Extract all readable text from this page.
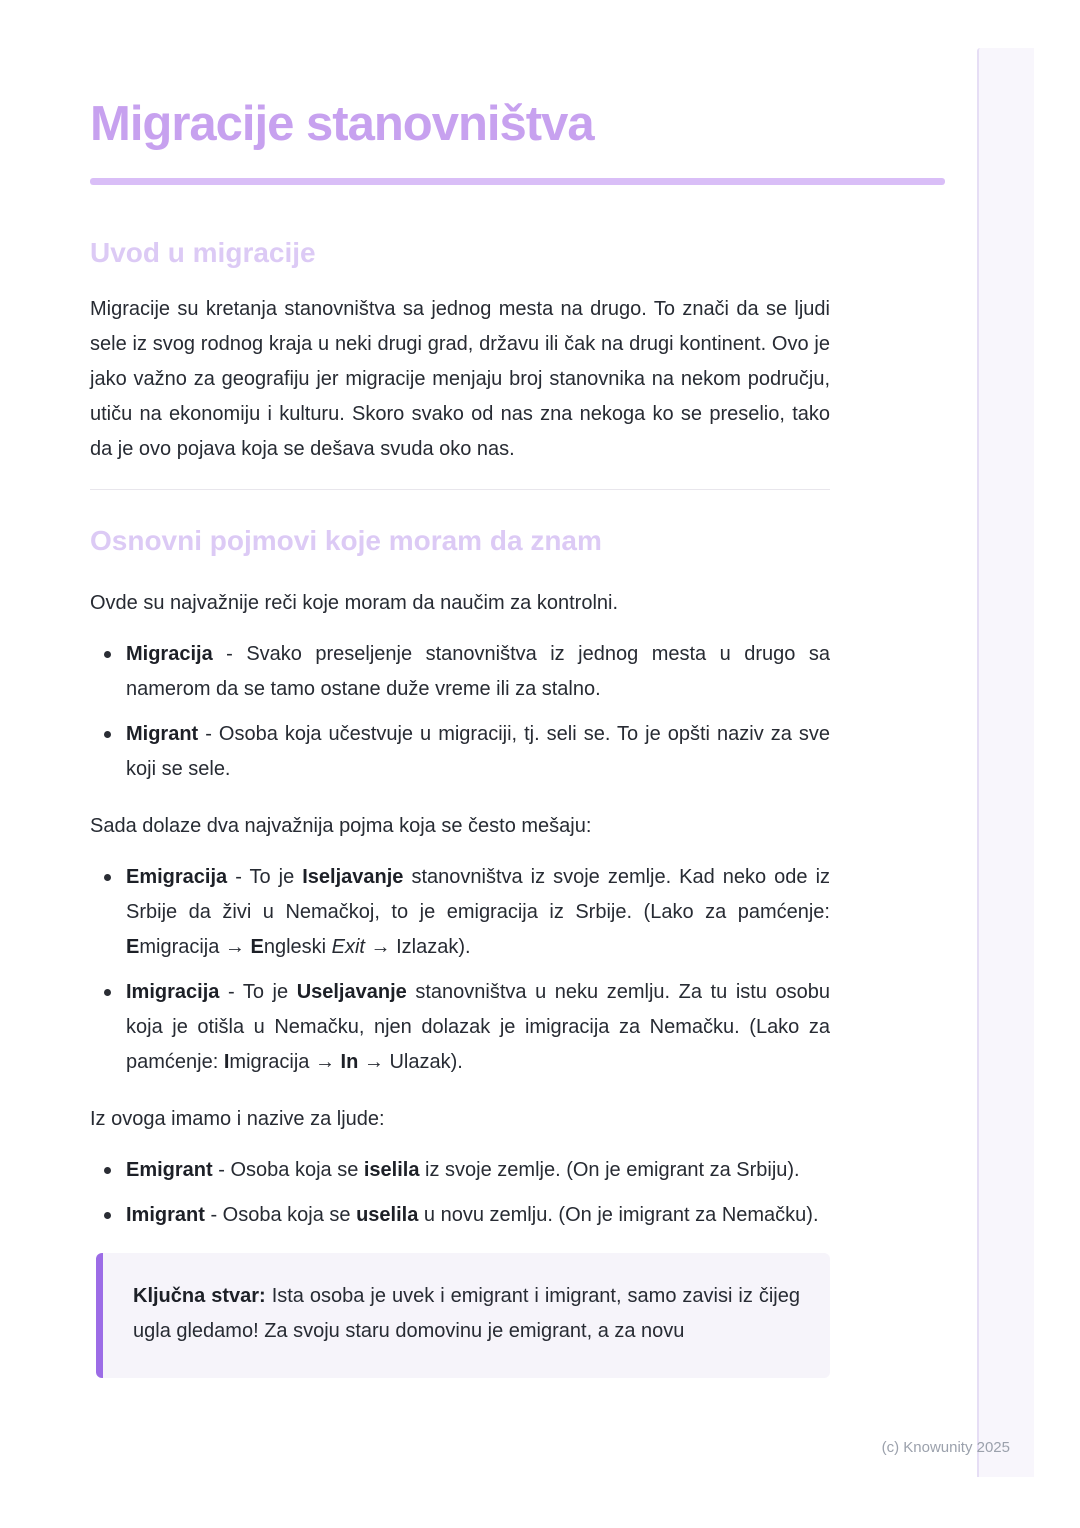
Migracije stanovništva
Uvod u migracije

Migracije su kretanja stanovništva sa jednog mesta na drugo. To znači da se ljudi sele iz svog rodnog kraja u neki drugi grad, državu ili čak na drugi kontinent. Ovo je jako važno za geografiju jer migracije menjaju broj stanovnika na nekom području, utiču na ekonomiju i kulturu. Skoro svako od nas zna nekoga ko se preselio, tako da je ovo pojava koja se dešava svuda oko nas.

Osnovni pojmovi koje moram da znam

Ovde su najvažnije reči koje moram da naučim za kontrolni.

Migracija - Svako preseljenje stanovništva iz jednog mesta u drugo sa namerom da se tamo ostane duže vreme ili za stalno.
Migrant - Osoba koja učestvuje u migraciji, tj. seli se. To je opšti naziv za sve koji se sele.

Sada dolaze dva najvažnija pojma koja se često mešaju:

Emigracija - To je Iseljavanje stanovništva iz svoje zemlje. Kad neko ode iz Srbije da živi u Nemačkoj, to je emigracija iz Srbije. (Lako za pamćenje: Emigracija → Engleski Exit → Izlazak).
Imigracija - To je Useljavanje stanovništva u neku zemlju. Za tu istu osobu koja je otišla u Nemačku, njen dolazak je imigracija za Nemačku. (Lako za pamćenje: Imigracija → In → Ulazak).

Iz ovoga imamo i nazive za ljude:

Emigrant - Osoba koja se iselila iz svoje zemlje. (On je emigrant za Srbiju).
Imigrant - Osoba koja se uselila u novu zemlju. (On je imigrant za Nemačku).

Ključna stvar: Ista osoba je uvek i emigrant i imigrant, samo zavisi iz čijeg ugla gledamo! Za svoju staru domovinu je emigrant, a za novu

(c) Knowunity 2025
